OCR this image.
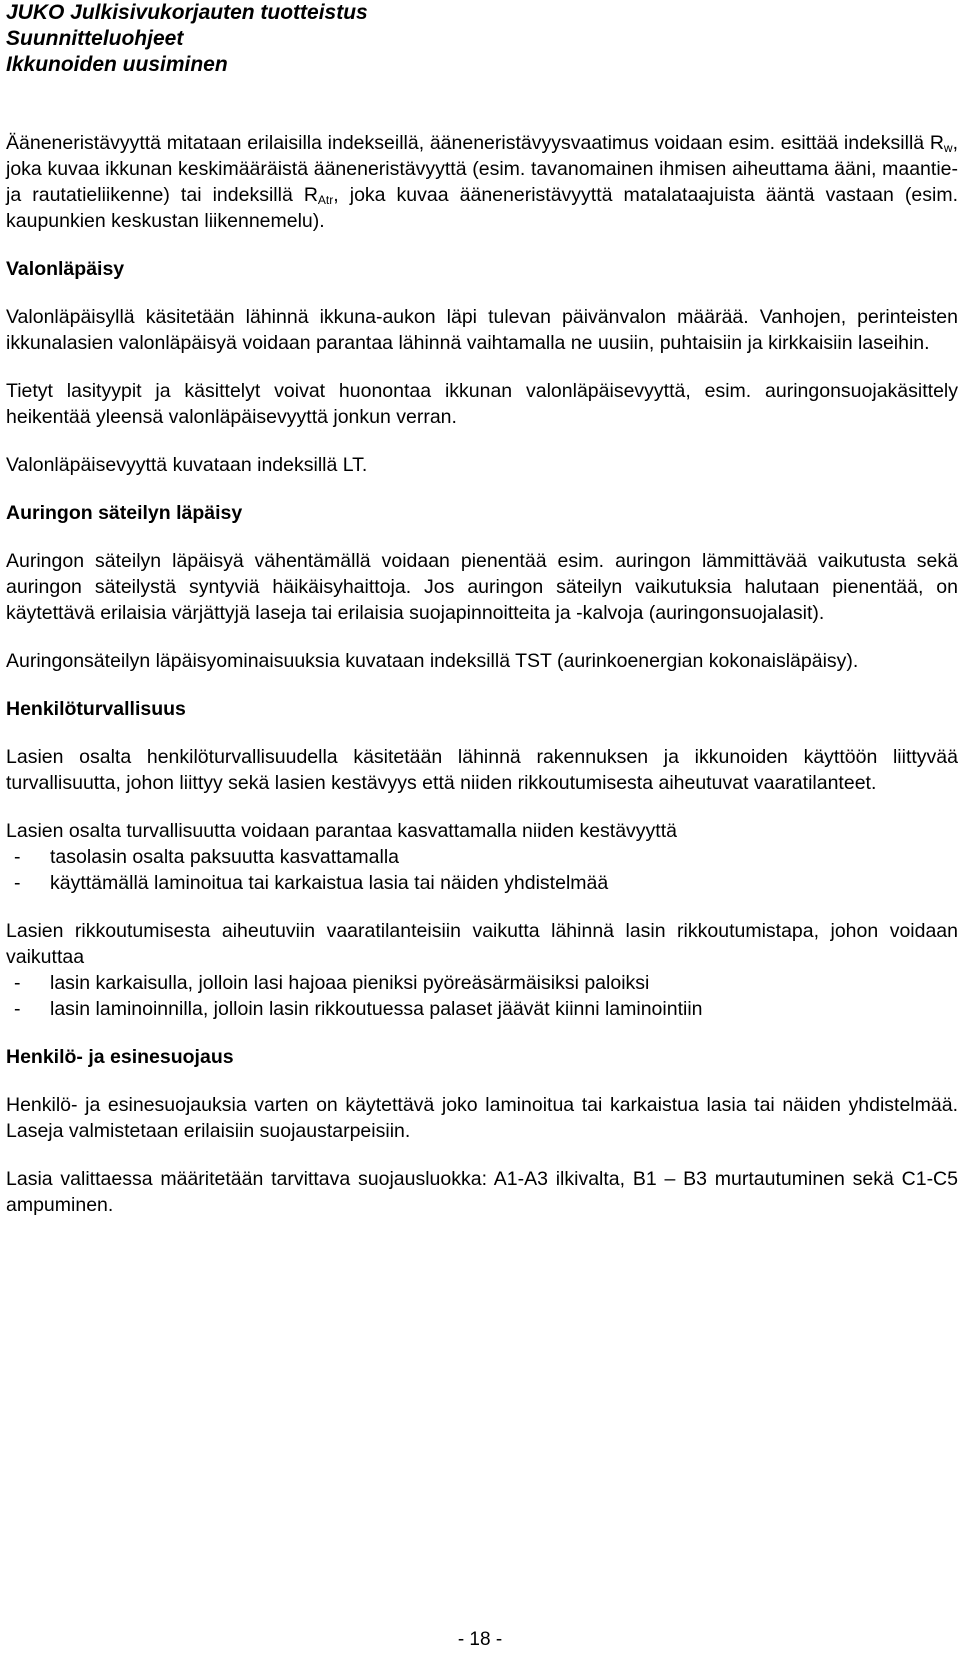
JUKO Julkisivukorjauten tuotteistus
Suunnitteluohjeet
Ikkunoiden uusiminen

Ääneneristävyyttä mitataan erilaisilla indekseillä, ääneneristävyysvaatimus voidaan esim. esittää indeksillä $R_w$, joka kuvaa ikkunan keskimääräistä ääneneristävyyttä (esim. tavanomainen ihmisen aiheuttama ääni, maantie- ja rautatieliikenne) tai indeksillä $R_{Atr}$, joka kuvaa ääneneristävyyttä matalataajuista ääntä vastaan (esim. kaupunkien keskustan liikennemelu).

Valonläpäisy

Valonläpäisyllä käsitetään lähinnä ikkuna-aukon läpi tulevan päivänvalon määrää. Vanhojen, perinteisten ikkunalasien valonläpäisyä voidaan parantaa lähinnä vaihtamalla ne uusiin, puhtaisiin ja kirkkaisiin laseihin.

Tietyt lasityypit ja käsittelyt voivat huonontaa ikkunan valonläpäisevyyttä, esim. auringonsuojakäsittely heikentää yleensä valonläpäisevyyttä jonkun verran.

Valonläpäisevyyttä kuvataan indeksillä LT.

Auringon säteilyn läpäisy

Auringon säteilyn läpäisyä vähentämällä voidaan pienentää esim. auringon lämmittävää vaikutusta sekä auringon säteilystä syntyviä häikäisyhaittoja. Jos auringon säteilyn vaikutuksia halutaan pienentää, on käytettävä erilaisia värjättyjä laseja tai erilaisia suojapinnoitteita ja -kalvoja (auringonsuojalasit).

Auringonsäteilyn läpäisyominaisuuksia kuvataan indeksillä TST (aurinkoenergian kokonaisläpäisy).

Henkilöturvallisuus

Lasien osalta henkilöturvallisuudella käsitetään lähinnä rakennuksen ja ikkunoiden käyttöön liittyvää turvallisuutta, johon liittyy sekä lasien kestävyys että niiden rikkoutumisesta aiheutuvat vaaratilanteet.

Lasien osalta turvallisuutta voidaan parantaa kasvattamalla niiden kestävyyttä

- tasolasin osalta paksuutta kasvattamalla
- käyttämällä laminoitua tai karkaistua lasia tai näiden yhdistelmää

Lasien rikkoutumisesta aiheutuviin vaaratilanteisiin vaikutta lähinnä lasin rikkoutumistapa, johon voidaan vaikuttaa

- lasin karkaisulla, jolloin lasi hajoaa pieniksi pyöreäsärmäisiksi paloiksi
- lasin laminoinnilla, jolloin lasin rikkoutuessa palaset jäävät kiinni laminointiin
Henkilö- ja esinesuojaus

Henkilö- ja esinesuojauksia varten on käytettävä joko laminoitua tai karkaistua lasia tai näiden yhdistelmää. Laseja valmistetaan erilaisiin suojaustarpeisiin.

Lasia valittaessa määritetään tarvittava suojausluokka: A1-A3 ilkivalta, B1 – B3 murtautuminen sekä C1-C5 ampuminen.

- 18 -
